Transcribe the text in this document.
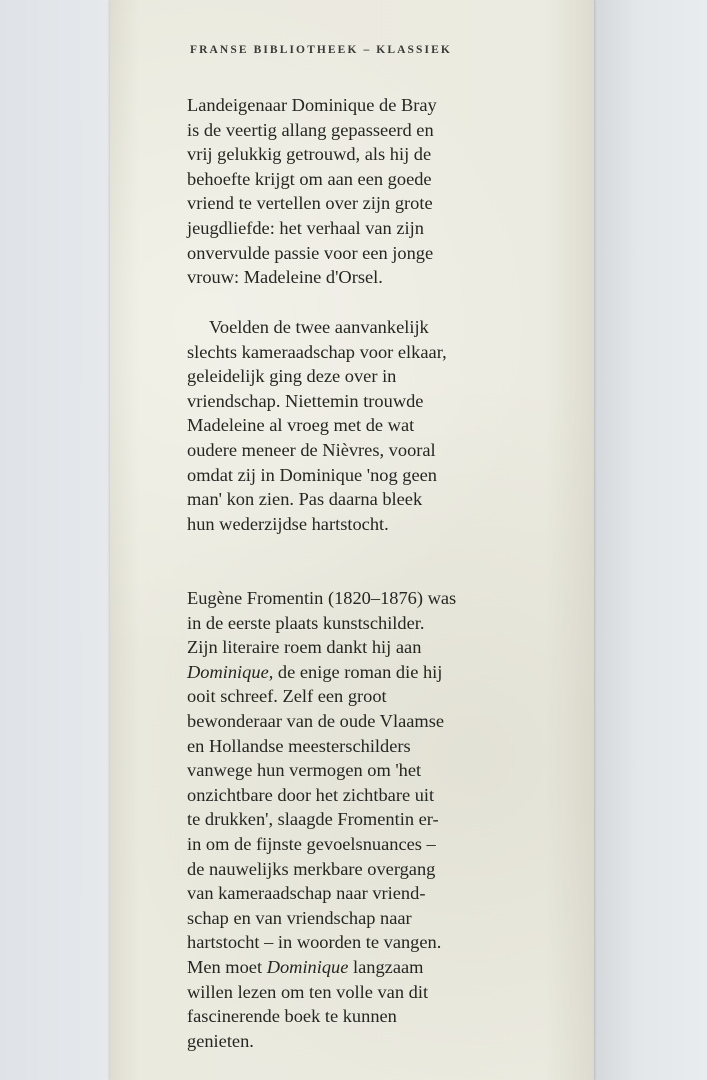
FRANSE BIBLIOTHEEK – KLASSIEK

Landeigenaar Dominique de Bray
is de veertig allang gepasseerd en
vrij gelukkig getrouwd, als hij de
behoefte krijgt om aan een goede
vriend te vertellen over zijn grote
jeugdliefde: het verhaal van zijn
onvervulde passie voor een jonge
vrouw: Madeleine d'Orsel.

Voelden de twee aanvankelijk
slechts kameraadschap voor elkaar,
geleidelijk ging deze over in
vriendschap. Niettemin trouwde
Madeleine al vroeg met de wat
oudere meneer de Nièvres, vooral
omdat zij in Dominique 'nog geen
man' kon zien. Pas daarna bleek
hun wederzijdse hartstocht.

Eugène Fromentin (1820–1876) was
in de eerste plaats kunstschilder.
Zijn literaire roem dankt hij aan
Dominique, de enige roman die hij
ooit schreef. Zelf een groot
bewonderaar van de oude Vlaamse
en Hollandse meesterschilders
vanwege hun vermogen om 'het
onzichtbare door het zichtbare uit
te drukken', slaagde Fromentin er-
in om de fijnste gevoelsnuances –
de nauwelijks merkbare overgang
van kameraadschap naar vriend-
schap en van vriendschap naar
hartstocht – in woorden te vangen.
Men moet Dominique langzaam
willen lezen om ten volle van dit
fascinerende boek te kunnen
genieten.
